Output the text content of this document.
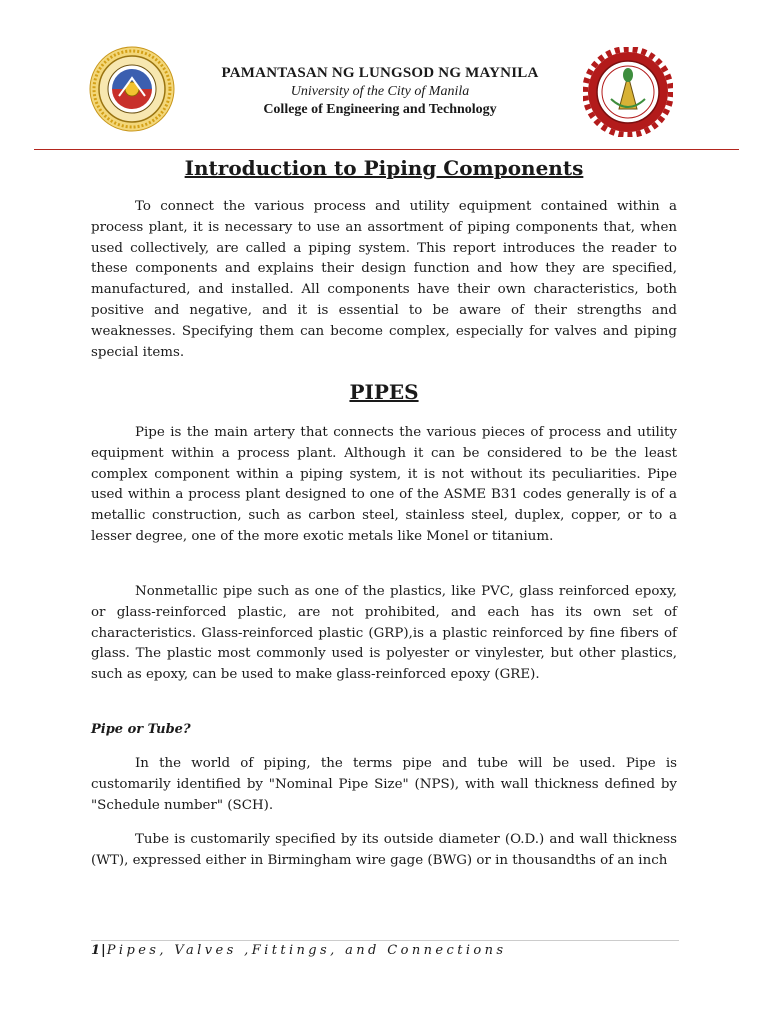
PAMANTASAN NG LUNGSOD NG MAYNILA
University of the City of Manila
College of Engineering and Technology
Introduction to Piping Components

To connect the various process and utility equipment contained within a process plant, it is necessary to use an assortment of piping components that, when used collectively, are called a piping system. This report introduces the reader to these components and explains their design function and how they are specified, manufactured, and installed. All components have their own characteristics, both positive and negative, and it is essential to be aware of their strengths and weaknesses. Specifying them can become complex, especially for valves and piping special items.

PIPES

Pipe is the main artery that connects the various pieces of process and utility equipment within a process plant. Although it can be considered to be the least complex component within a piping system, it is not without its peculiarities. Pipe used within a process plant designed to one of the ASME B31 codes generally is of a metallic construction, such as carbon steel, stainless steel, duplex, copper, or to a lesser degree, one of the more exotic metals like Monel or titanium.

Nonmetallic pipe such as one of the plastics, like PVC, glass reinforced epoxy, or glass-reinforced plastic, are not prohibited, and each has its own set of characteristics. Glass-reinforced plastic (GRP),is a plastic reinforced by fine fibers of glass. The plastic most commonly used is polyester or vinylester, but other plastics, such as epoxy, can be used to make glass-reinforced epoxy (GRE).

Pipe or Tube?

In the world of piping, the terms pipe and tube will be used. Pipe is customarily identified by "Nominal Pipe Size" (NPS), with wall thickness defined by "Schedule number" (SCH).

Tube is customarily specified by its outside diameter (O.D.) and wall thickness (WT), expressed either in Birmingham wire gage (BWG) or in thousandths of an inch

1|Pipes, Valves ,Fittings, and Connections
